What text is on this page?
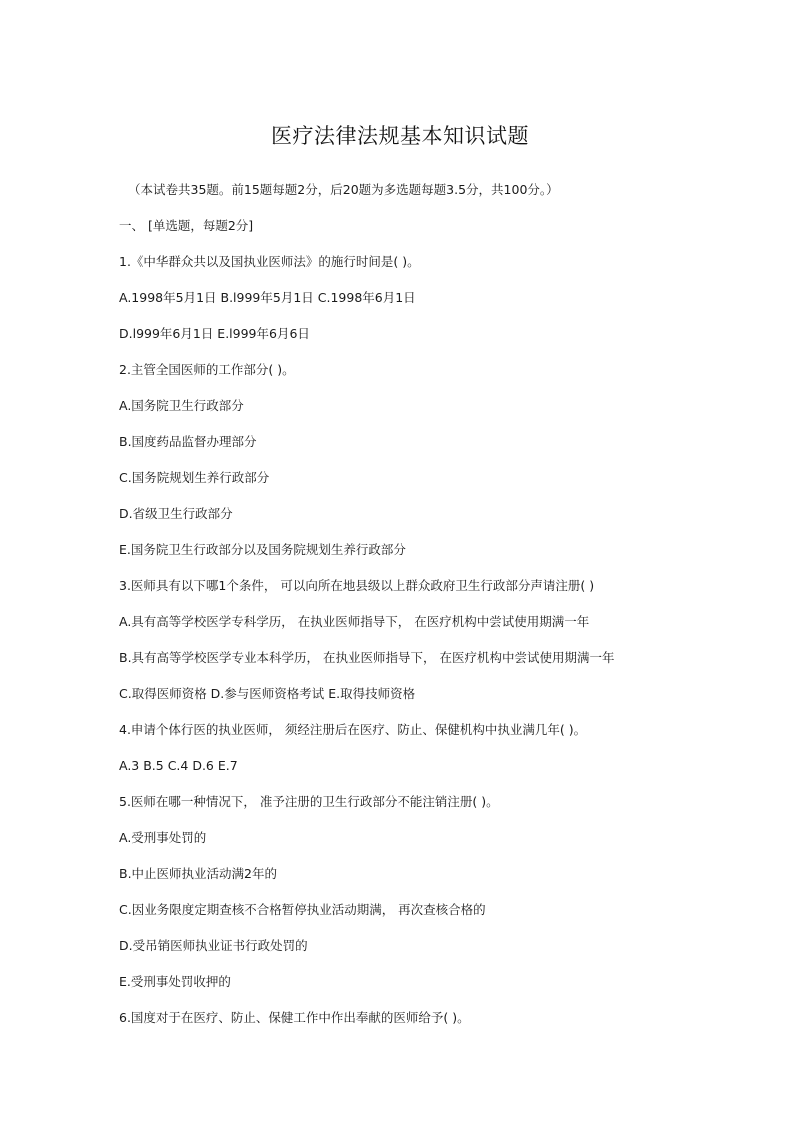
医疗法律法规基本知识试题
（本试卷共35题。前15题每题2分，后20题为多选题每题3.5分，共100分。）
一、 [单选题，每题2分]
1.《中华群众共以及国执业医师法》的施行时间是( )。
A.1998年5月1日 B.l999年5月1日 C.1998年6月1日
D.l999年6月1日 E.l999年6月6日
2.主管全国医师的工作部分( )。
A.国务院卫生行政部分
B.国度药品监督办理部分
C.国务院规划生养行政部分
D.省级卫生行政部分
E.国务院卫生行政部分以及国务院规划生养行政部分
3.医师具有以下哪1个条件， 可以向所在地县级以上群众政府卫生行政部分声请注册( )
A.具有高等学校医学专科学历， 在执业医师指导下， 在医疗机构中尝试使用期满一年
B.具有高等学校医学专业本科学历， 在执业医师指导下， 在医疗机构中尝试使用期满一年
C.取得医师资格 D.参与医师资格考试 E.取得技师资格
4.申请个体行医的执业医师， 须经注册后在医疗、防止、保健机构中执业满几年( )。
A.3 B.5 C.4 D.6 E.7
5.医师在哪一种情况下， 准予注册的卫生行政部分不能注销注册( )。
A.受刑事处罚的
B.中止医师执业活动满2年的
C.因业务限度定期查核不合格暂停执业活动期满， 再次查核合格的
D.受吊销医师执业证书行政处罚的
E.受刑事处罚收押的
6.国度对于在医疗、防止、保健工作中作出奉献的医师给予( )。
